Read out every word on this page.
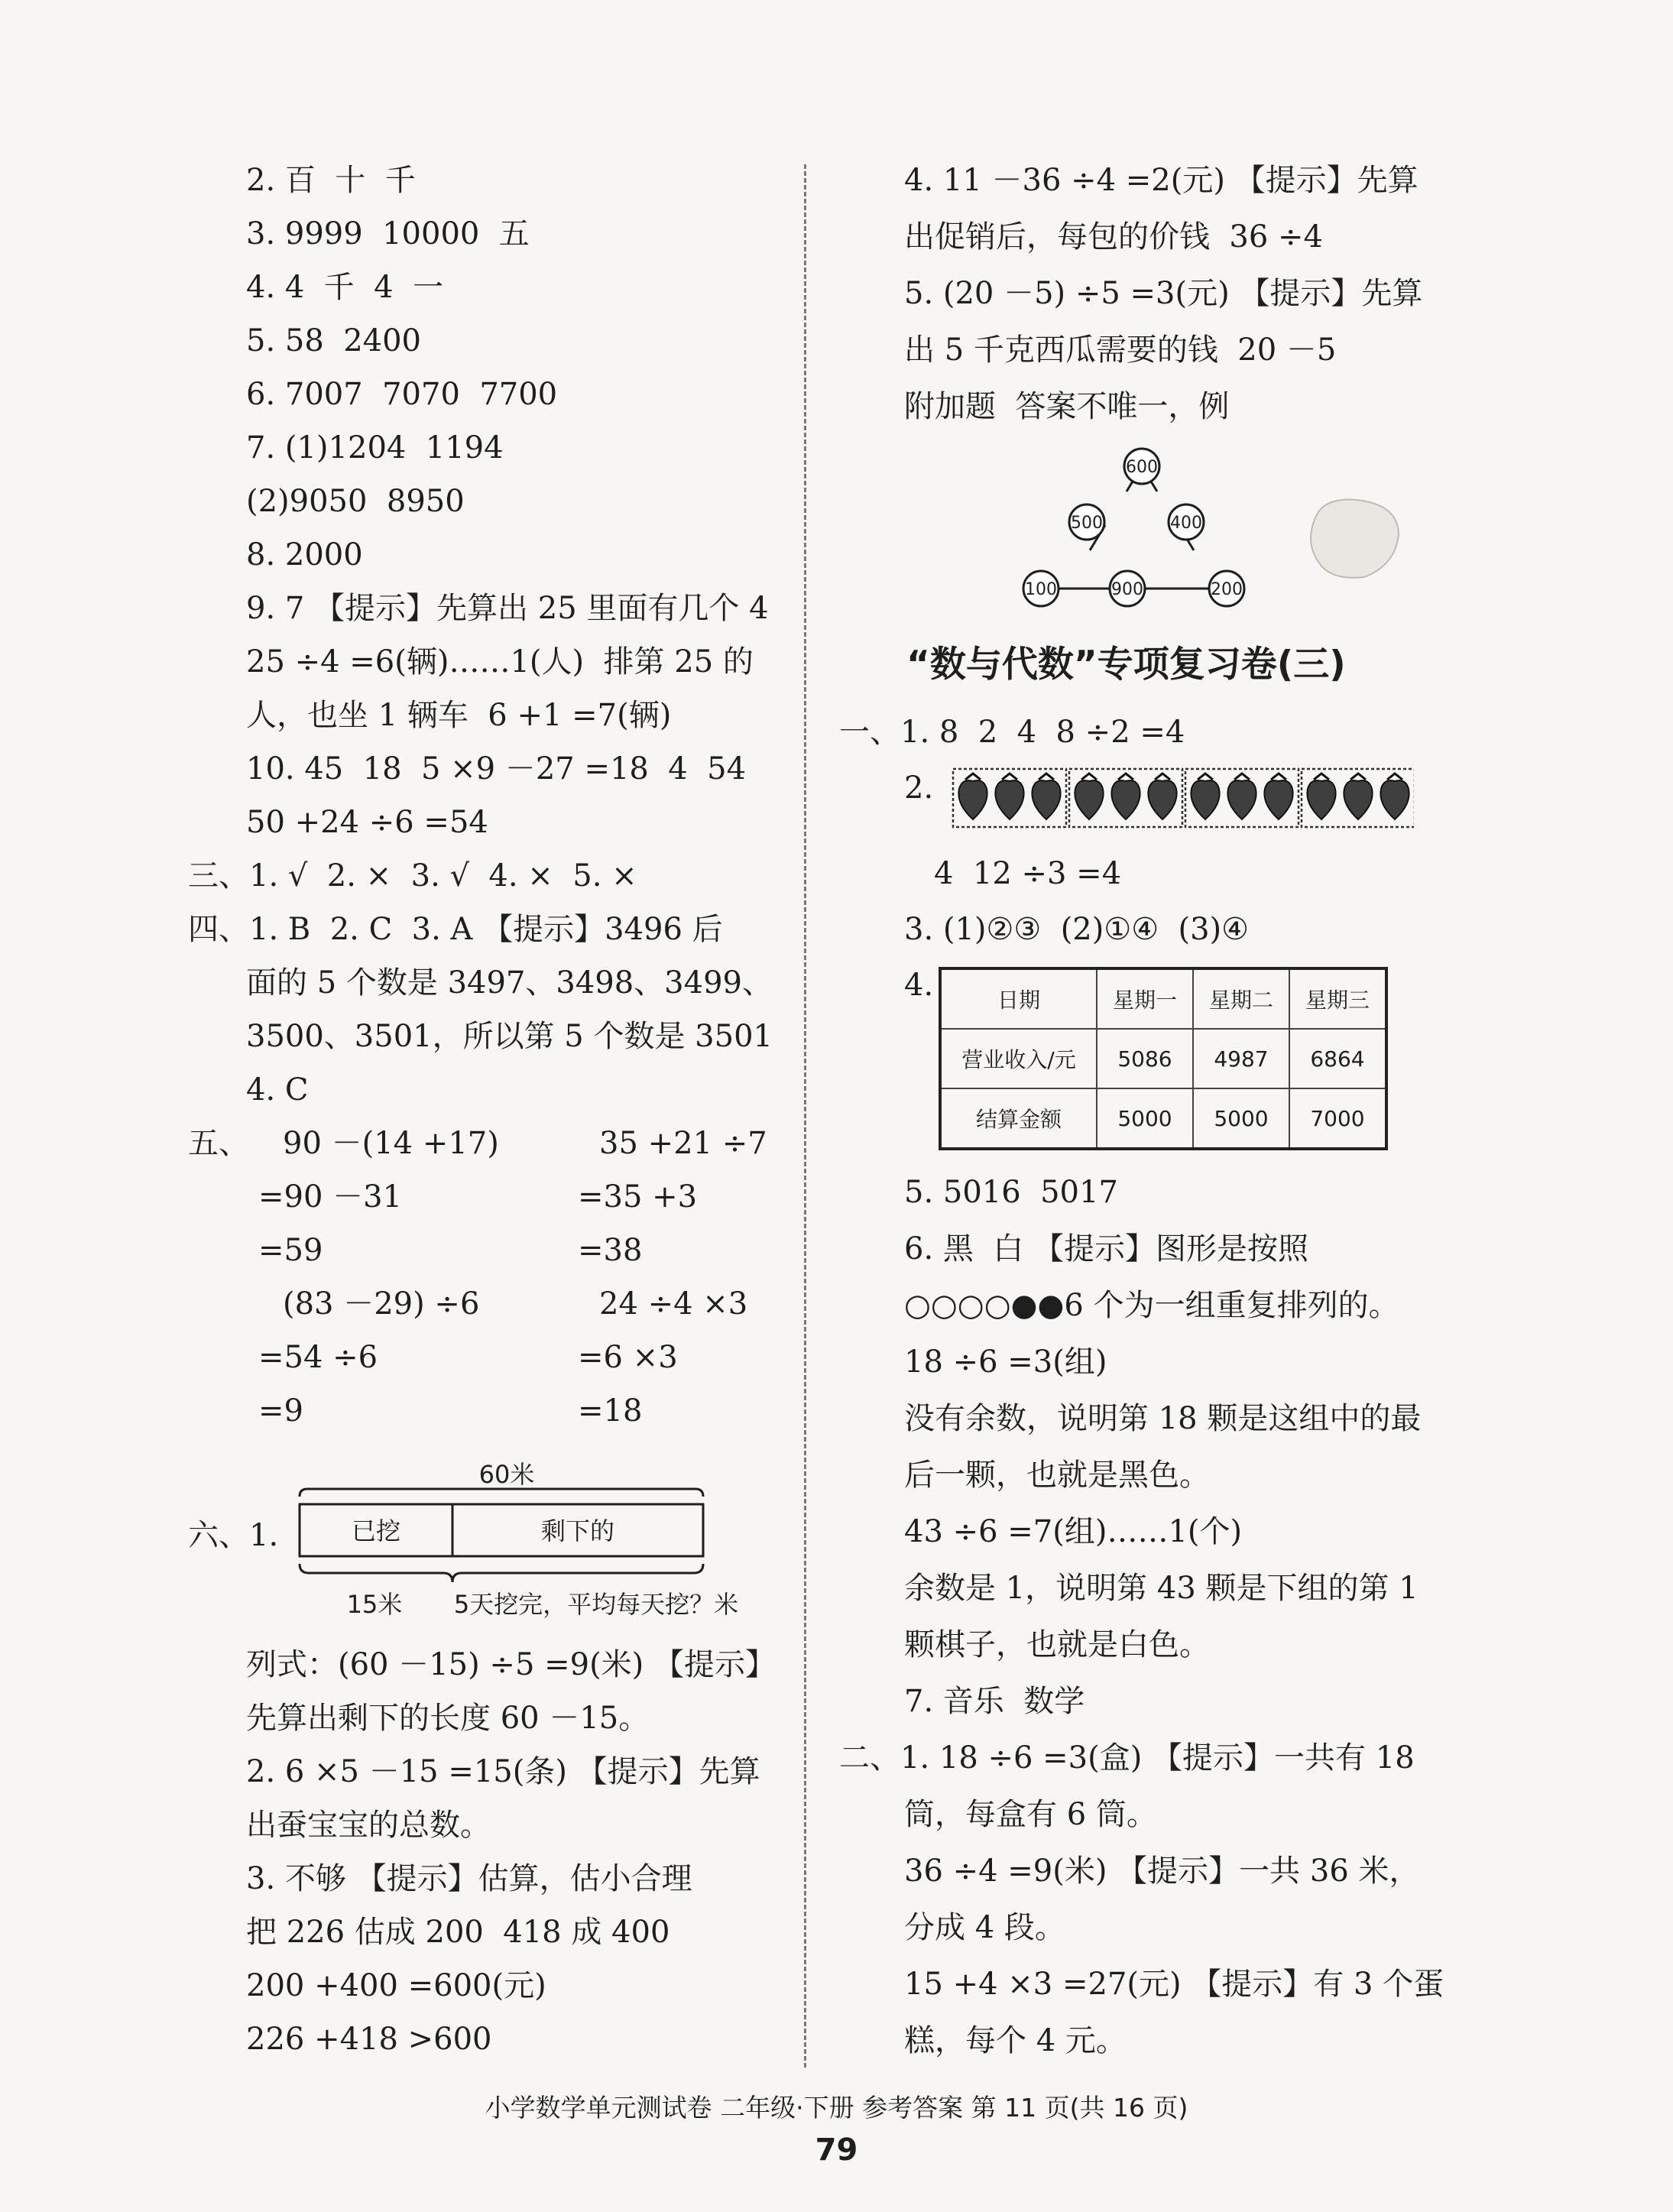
2. 百  十  千
3. 9999  10000  五
4. 4  千  4  一
5. 58  2400
6. 7007  7070  7700
7. (1)1204  1194
(2)9050  8950
8. 2000
9. 7 【提示】先算出 25 里面有几个 4
25 ÷4 =6(辆)……1(人)  排第 25 的
人，也坐 1 辆车  6 +1 =7(辆)
10. 45  18  5 ×9 －27 =18  4  54
50 +24 ÷6 =54
三、1. √  2. ×  3. √  4. ×  5. ×
四、1. B  2. C  3. A 【提示】3496 后
面的 5 个数是 3497、3498、3499、
3500、3501，所以第 5 个数是 3501
4. C
五、 90 －(14 +17)	35 +21 ÷7
=90 －31	=35 +3
=59	=38
(83 －29) ÷6	24 ÷4 ×3
=54 ÷6	=6 ×3
=9	=18
六、1.
60米
已挖	剩下的
15米 5天挖完，平均每天挖？米
列式：(60 －15) ÷5 =9(米) 【提示】
先算出剩下的长度 60 －15。
2. 6 ×5 －15 =15(条) 【提示】先算
出蚕宝宝的总数。
3. 不够 【提示】估算，估小合理
把 226 估成 200  418 成 400
200 +400 =600(元)
226 +418 >600
4. 11 －36 ÷4 =2(元) 【提示】先算
出促销后，每包的价钱  36 ÷4
5. (20 －5) ÷5 =3(元) 【提示】先算
出 5 千克西瓜需要的钱  20 －5
附加题  答案不唯一，例
600
500	400
100	900	200
“数与代数”专项复习卷(三)
一、1. 8  2  4  8 ÷2 =4
2.
4  12 ÷3 =4
3. (1)②③  (2)①④  (3)④
4.	日期	星期一	星期二	星期三
营业收入/元	5086	4987	6864
结算金额	5000	5000	7000
5. 5016  5017
6. 黑  白 【提示】图形是按照
○○○○●●6 个为一组重复排列的。
18 ÷6 =3(组)
没有余数，说明第 18 颗是这组中的最
后一颗，也就是黑色。
43 ÷6 =7(组)……1(个)
余数是 1，说明第 43 颗是下组的第 1
颗棋子，也就是白色。
7. 音乐  数学
二、1. 18 ÷6 =3(盒) 【提示】一共有 18
筒，每盒有 6 筒。
36 ÷4 =9(米) 【提示】一共 36 米，
分成 4 段。
15 +4 ×3 =27(元) 【提示】有 3 个蛋
糕，每个 4 元。
小学数学单元测试卷 二年级·下册 参考答案 第 11 页(共 16 页)
79
